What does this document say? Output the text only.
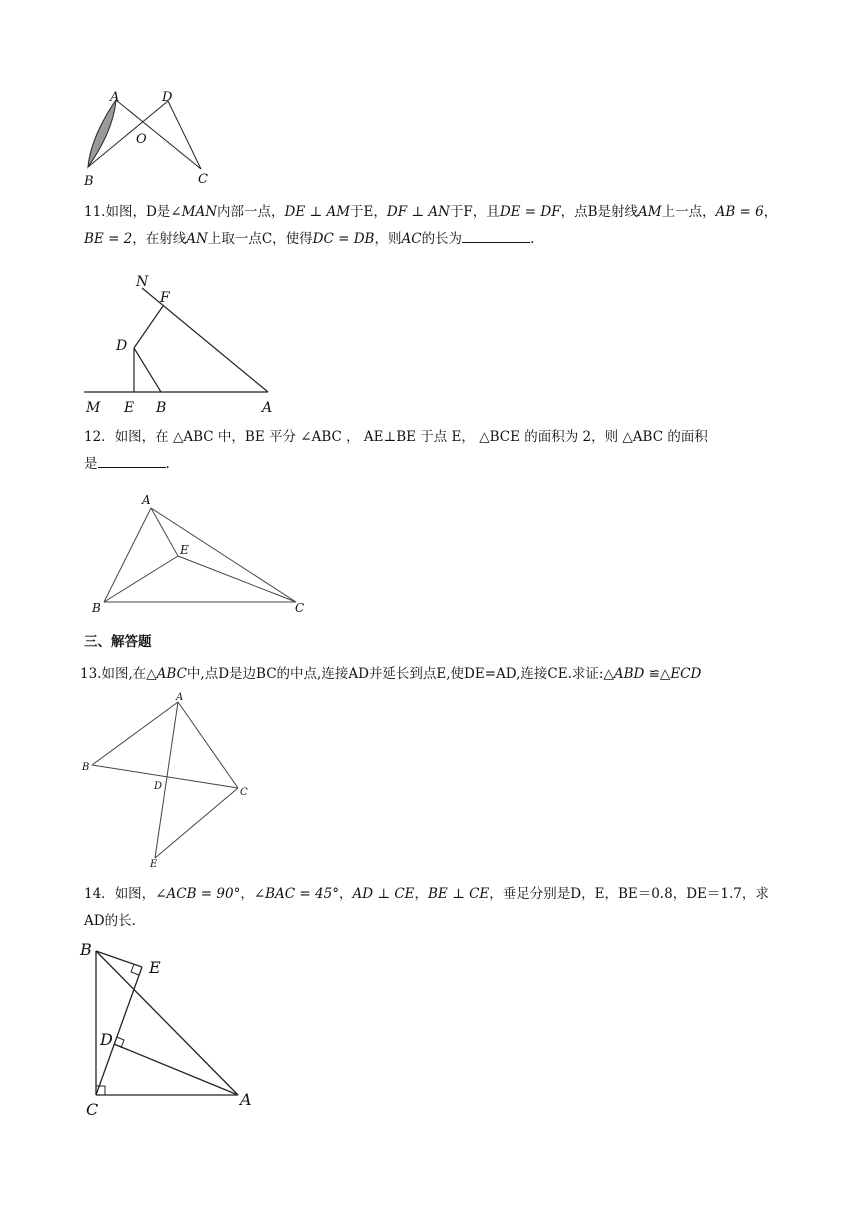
A	D
O
B	C

11.如图，D是∠MAN内部一点，DE ⊥ AM于E，DF ⊥ AN于F，且DE = DF，点B是射线AM上一点，AB = 6，
BE = 2，在射线AN上取一点C，使得DC = DB，则AC的长为	.

N
F
D
M E B	A

12．如图，在 △ABC 中，BE 平分 ∠ABC ， AE⊥BE 于点 E， △BCE 的面积为 2，则 △ABC 的面积
是	.

A
E
B	C
三、解答题

13.如图,在△ABC中,点D是边BC的中点,连接AD并延长到点E,使DE=AD,连接CE.求证:△ABD ≌△ECD

A
B
D
C
E

14．如图，∠ACB = 90°，∠BAC = 45°，AD ⊥ CE，BE ⊥ CE，垂足分别是D，E，BE＝0.8，DE＝1.7，求
AD的长.

B
E
D
C
A
